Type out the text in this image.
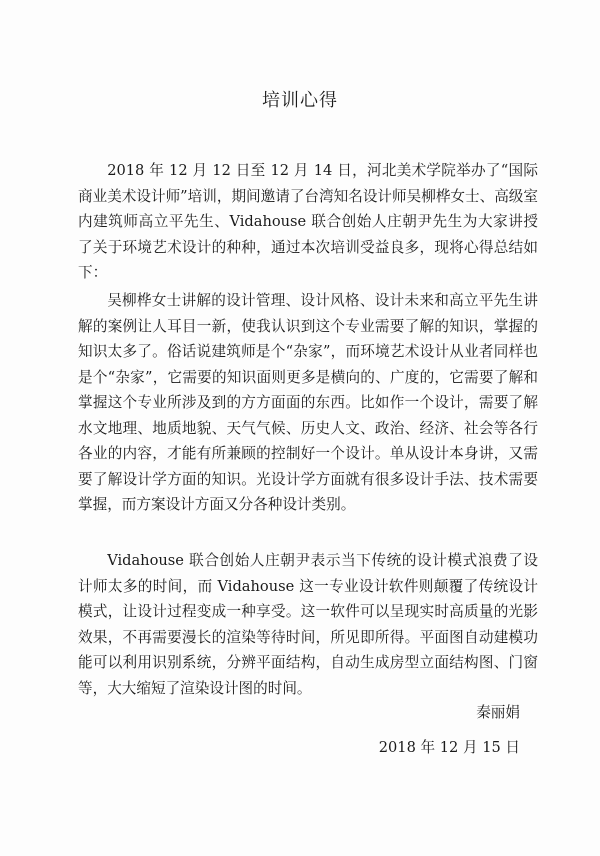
培训心得
2018 年 12 月 12 日至 12 月 14 日，河北美术学院举办了“国际商业美术设计师”培训，期间邀请了台湾知名设计师吴柳桦女士、高级室内建筑师高立平先生、Vidahouse 联合创始人庄朝尹先生为大家讲授了关于环境艺术设计的种种，通过本次培训受益良多，现将心得总结如下：
吴柳桦女士讲解的设计管理、设计风格、设计未来和高立平先生讲解的案例让人耳目一新，使我认识到这个专业需要了解的知识，掌握的知识太多了。俗话说建筑师是个“杂家”，而环境艺术设计从业者同样也是个“杂家”，它需要的知识面则更多是横向的、广度的，它需要了解和掌握这个专业所涉及到的方方面面的东西。比如作一个设计，需要了解水文地理、地质地貌、天气气候、历史人文、政治、经济、社会等各行各业的内容，才能有所兼顾的控制好一个设计。单从设计本身讲，又需要了解设计学方面的知识。光设计学方面就有很多设计手法、技术需要掌握，而方案设计方面又分各种设计类别。
Vidahouse 联合创始人庄朝尹表示当下传统的设计模式浪费了设计师太多的时间，而 Vidahouse 这一专业设计软件则颠覆了传统设计模式，让设计过程变成一种享受。这一软件可以呈现实时高质量的光影效果，不再需要漫长的渲染等待时间，所见即所得。平面图自动建模功能可以利用识别系统，分辨平面结构，自动生成房型立面结构图、门窗等，大大缩短了渲染设计图的时间。
秦丽娟
2018 年 12 月 15 日
